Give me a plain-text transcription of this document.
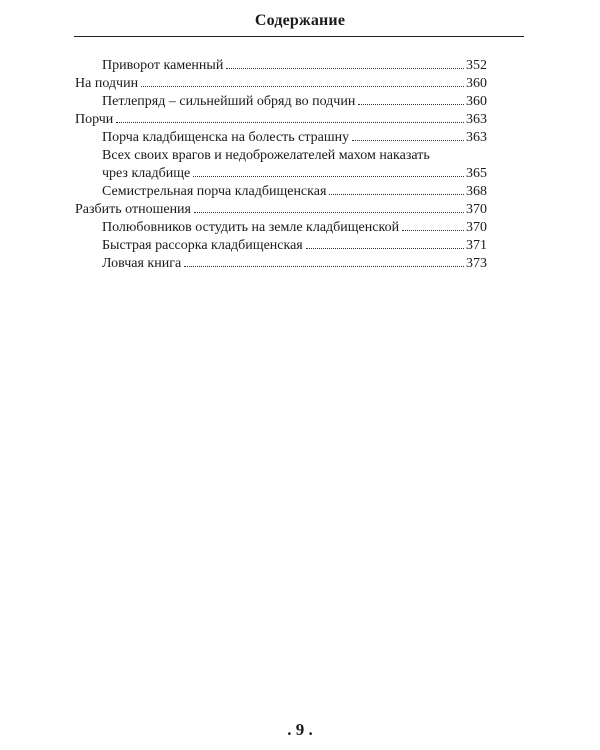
Содержание
Приворот каменный	352
На подчин	360
Петлепряд – сильнейший обряд во подчин	360
Порчи	363
Порча кладбищенска на болесть страшну	363
Всех своих врагов и недоброжелателей махом наказать
чрез кладбище	365
Семистрельная порча кладбищенская	368
Разбить отношения	370
Полюбовников остудить на земле кладбищенской	370
Быстрая рассорка кладбищенская	371
Ловчая книга	373
. 9 .
